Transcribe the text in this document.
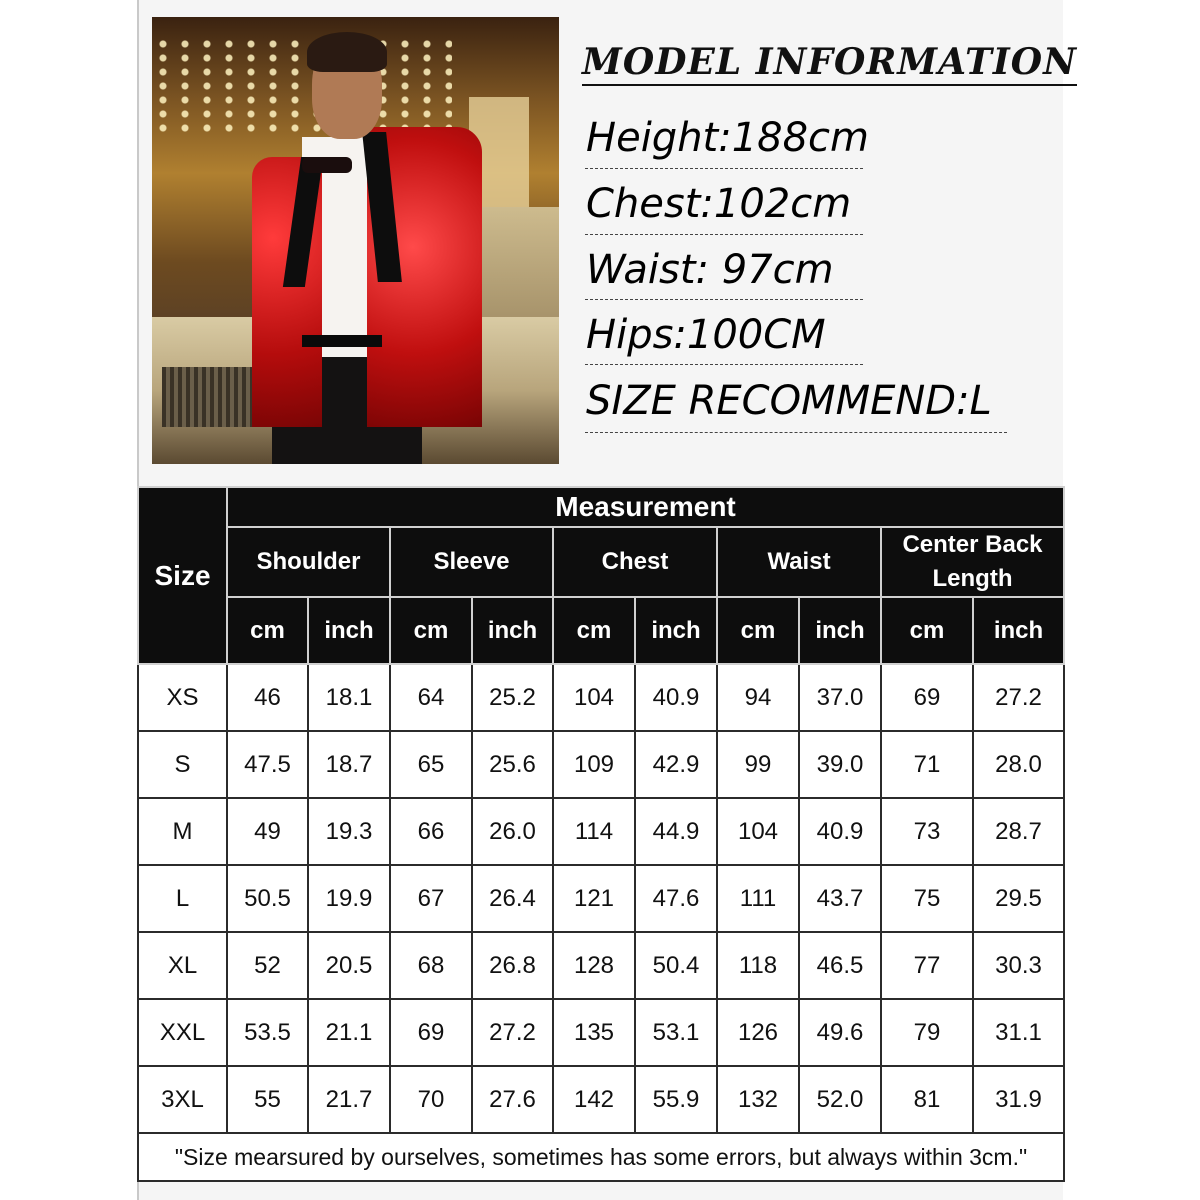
MODEL INFORMATION
Height:188cm
Chest:102cm
Waist: 97cm
Hips:100CM
SIZE RECOMMEND:L
Size	Measurement									
	Shoulder		Sleeve		Chest		Waist		Center Back Length	
	cm	inch	cm	inch	cm	inch	cm	inch	cm	inch
XS	46	18.1	64	25.2	104	40.9	94	37.0	69	27.2
S	47.5	18.7	65	25.6	109	42.9	99	39.0	71	28.0
M	49	19.3	66	26.0	114	44.9	104	40.9	73	28.7
L	50.5	19.9	67	26.4	121	47.6	111	43.7	75	29.5
XL	52	20.5	68	26.8	128	50.4	118	46.5	77	30.3
XXL	53.5	21.1	69	27.2	135	53.1	126	49.6	79	31.1
3XL	55	21.7	70	27.6	142	55.9	132	52.0	81	31.9
"Size mearsured by ourselves, sometimes has some errors, but always within 3cm."										
